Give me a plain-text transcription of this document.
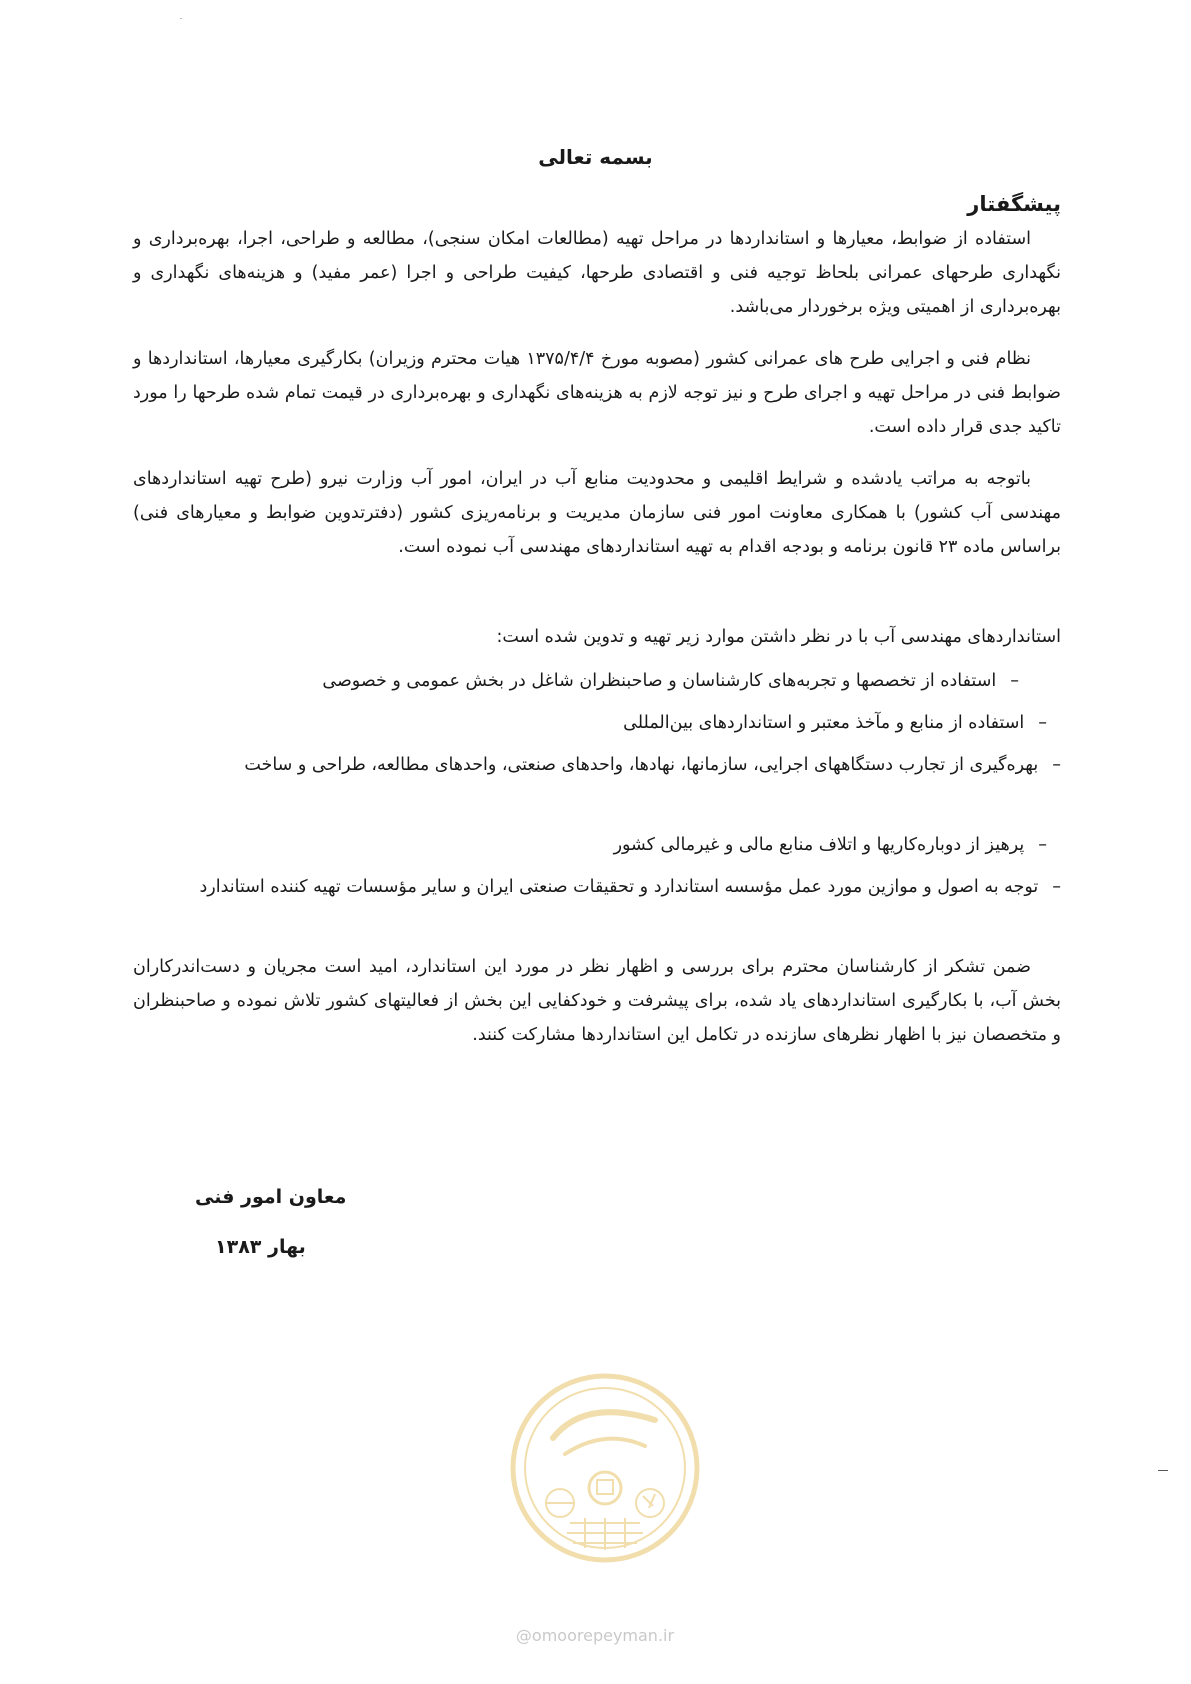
بسمه تعالی
پیشگفتار

استفاده از ضوابط، معیارها و استانداردها در مراحل تهیه (مطالعات امکان سنجی)، مطالعه و طراحی، اجرا، بهره‌برداری و نگهداری طرحهای عمرانی بلحاظ توجیه فنی و اقتصادی طرحها، کیفیت طراحی و اجرا (عمر مفید) و هزینه‌های نگهداری و بهره‌برداری از اهمیتی ویژه برخوردار می‌باشد.

نظام فنی و اجرایی طرح های عمرانی کشور (مصوبه مورخ ۱۳۷۵/۴/۴ هیات محترم وزیران) بکارگیری معیارها، استانداردها و ضوابط فنی در مراحل تهیه و اجرای طرح و نیز توجه لازم به هزینه‌های نگهداری و بهره‌برداری در قیمت تمام شده طرحها را مورد تاکید جدی قرار داده است.

باتوجه به مراتب یادشده و شرایط اقلیمی و محدودیت منابع آب در ایران، امور آب وزارت نیرو (طرح تهیه استانداردهای مهندسی آب کشور) با همکاری معاونت امور فنی سازمان مدیریت و برنامه‌ریزی کشور (دفترتدوین ضوابط و معیارهای فنی) براساس ماده ۲۳ قانون برنامه و بودجه اقدام به تهیه استانداردهای مهندسی آب نموده است.

استانداردهای مهندسی آب با در نظر داشتن موارد زیر تهیه و تدوین شده است:

–استفاده از تخصصها و تجربه‌های کارشناسان و صاحبنظران شاغل در بخش عمومی و خصوصی

–استفاده از منابع و مآخذ معتبر و استانداردهای بین‌المللی

–بهره‌گیری از تجارب دستگاههای اجرایی، سازمانها، نهادها، واحدهای صنعتی، واحدهای مطالعه، طراحی و ساخت

–پرهیز از دوباره‌کاریها و اتلاف منابع مالی و غیرمالی کشور

–توجه به اصول و موازین مورد عمل مؤسسه استاندارد و تحقیقات صنعتی ایران و سایر مؤسسات تهیه کننده استاندارد

ضمن تشکر از کارشناسان محترم برای بررسی و اظهار نظر در مورد این استاندارد، امید است مجریان و دست‌اندرکاران بخش آب، با بکارگیری استانداردهای یاد شده، برای پیشرفت و خودکفایی این بخش از فعالیتهای کشور تلاش نموده و صاحبنظران و متخصصان نیز با اظهار نظرهای سازنده در تکامل این استانداردها مشارکت کنند.

معاون امور فنی
بهار ۱۳۸۳
@omoorepeyman.ir
